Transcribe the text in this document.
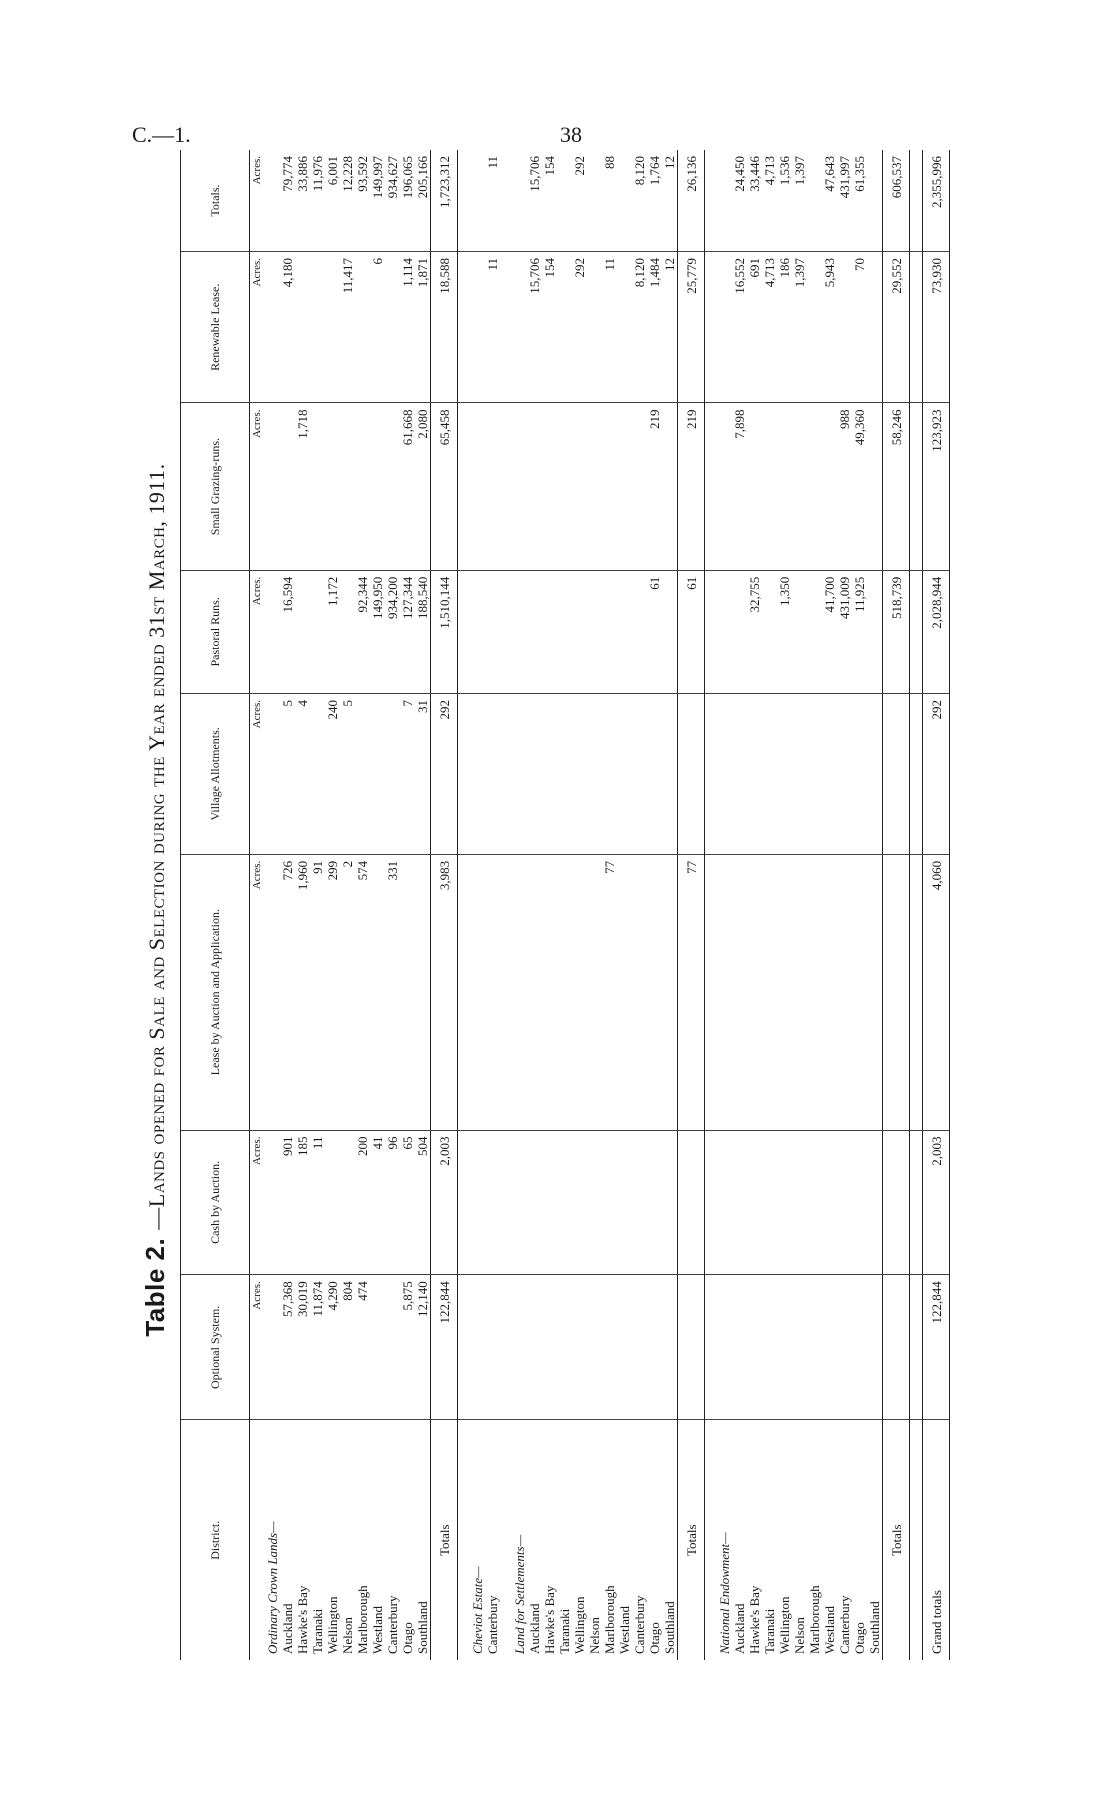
C.—1.	38
Table 2.—Lands opened for Sale and Selection during the Year ended 31st March, 1911.
District.	Optional System.	Cash by Auction.	Lease by Auction and Application.	Village Allotments.	Pastoral Runs.	Small Grazing-runs.	Renewable Lease.	Totals.
	Acres.	Acres.	Acres.	Acres.	Acres.	Acres.	Acres.	Acres.
Ordinary Crown Lands—								
Auckland	57,368	901	726	5	16,594		4,180	79,774
Hawke's Bay	30,019	185	1,960	4		1,718		33,886
Taranaki	11,874	11	91					11,976
Wellington	4,290		299	240	1,172			6,001
Nelson	804		2	5			11,417	12,228
Marlborough	474	200	574		92,344			93,592
Westland		41			149,950		6	149,997
Canterbury		96	331		934,200			934,627
Otago	5,875	65		7	127,344	61,668	1,114	196,065
Southland	12,140	504		31	188,540	2,080	1,871	205,166
Totals	122,844	2,003	3,983	292	1,510,144	65,458	18,588	1,723,312

Cheviot Estate—								
Canterbury							11	11

Land for Settlements—								
Auckland							15,706	15,706
Hawke's Bay							154	154
Taranaki								
Wellington							292	292
Nelson								
Marlborough			77				11	88
Westland								
Canterbury							8,120	8,120
Otago					61	219	1,484	1,764
Southland							12	12
Totals			77		61	219	25,779	26,136

National Endowment—								
Auckland						7,898	16,552	24,450
Hawke's Bay					32,755		691	33,446
Taranaki							4,713	4,713
Wellington					1,350		186	1,536
Nelson							1,397	1,397
Marlborough								
Westland					41,700		5,943	47,643
Canterbury					431,009	988		431,997
Otago					11,925	49,360	70	61,355
Southland								
Totals					518,739	58,246	29,552	606,537

Grand totals	122,844	2,003	4,060	292	2,028,944	123,923	73,930	2,355,996
